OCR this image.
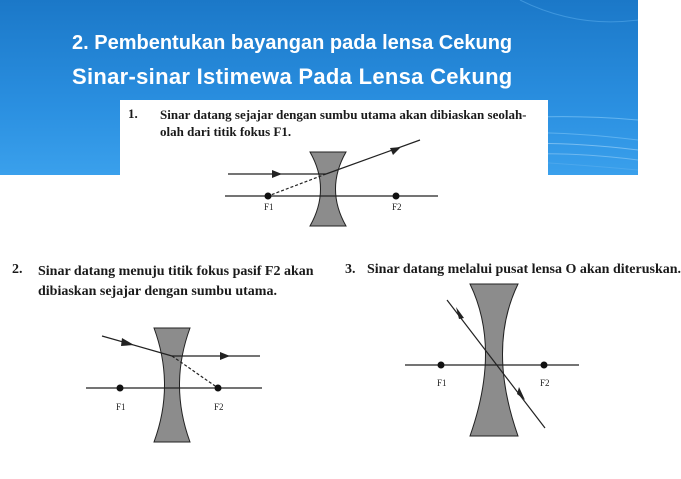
2. Pembentukan bayangan pada lensa Cekung
Sinar-sinar Istimewa Pada Lensa Cekung
1. Sinar datang sejajar dengan sumbu utama akan dibiaskan seolah-olah dari titik fokus F1.
F1	F2
2. Sinar datang menuju titik fokus pasif F2 akan dibiaskan sejajar dengan sumbu utama.
F1	F2
3. Sinar datang melalui pusat lensa O akan diteruskan.
F1	F2
